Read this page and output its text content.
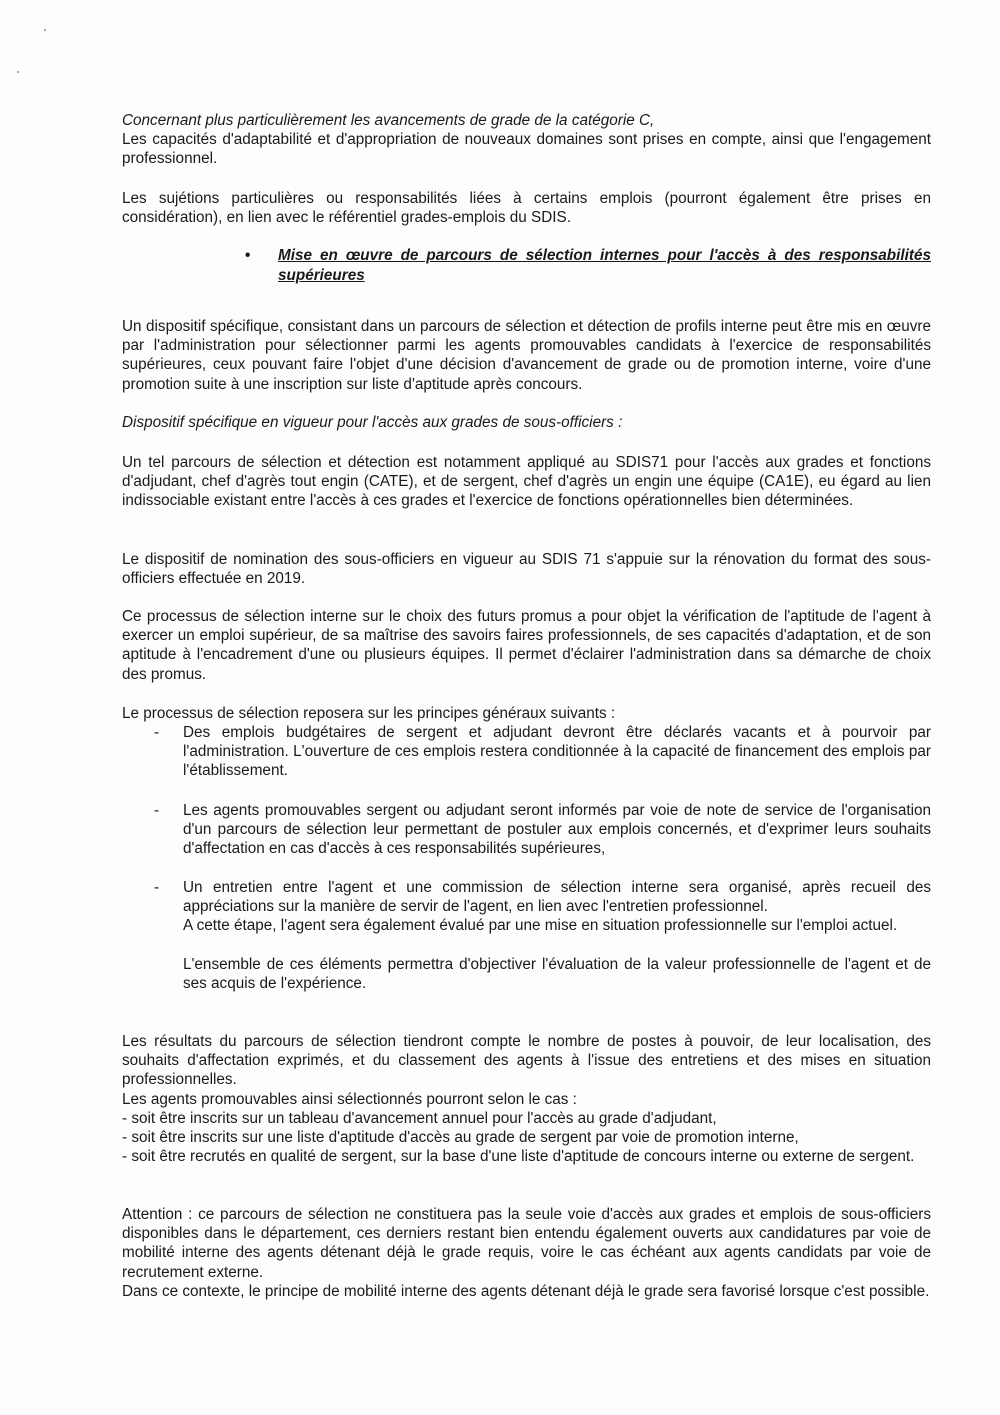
Concernant plus particulièrement les avancements de grade de la catégorie C,

Les capacités d'adaptabilité et d'appropriation de nouveaux domaines sont prises en compte, ainsi que l'engagement professionnel.

Les sujétions particulières ou responsabilités liées à certains emplois (pourront également être prises en considération), en lien avec le référentiel grades-emplois du SDIS.

• Mise en œuvre de parcours de sélection internes pour l'accès à des responsabilités supérieures

Un dispositif spécifique, consistant dans un parcours de sélection et détection de profils interne peut être mis en œuvre par l'administration pour sélectionner parmi les agents promouvables candidats à l'exercice de responsabilités supérieures, ceux pouvant faire l'objet d'une décision d'avancement de grade ou de promotion interne, voire d'une promotion suite à une inscription sur liste d'aptitude après concours.

Dispositif spécifique en vigueur pour l'accès aux grades de sous-officiers :

Un tel parcours de sélection et détection est notamment appliqué au SDIS71 pour l'accès aux grades et fonctions d'adjudant, chef d'agrès tout engin (CATE), et de sergent, chef d'agrès un engin une équipe (CA1E), eu égard au lien indissociable existant entre l'accès à ces grades et l'exercice de fonctions opérationnelles bien déterminées.

Le dispositif de nomination des sous-officiers en vigueur au SDIS 71 s'appuie sur la rénovation du format des sous-officiers effectuée en 2019.

Ce processus de sélection interne sur le choix des futurs promus a pour objet la vérification de l'aptitude de l'agent à exercer un emploi supérieur, de sa maîtrise des savoirs faires professionnels, de ses capacités d'adaptation, et de son aptitude à l'encadrement d'une ou plusieurs équipes. Il permet d'éclairer l'administration dans sa démarche de choix des promus.

Le processus de sélection reposera sur les principes généraux suivants :

- Des emplois budgétaires de sergent et adjudant devront être déclarés vacants et à pourvoir par l'administration. L'ouverture de ces emplois restera conditionnée à la capacité de financement des emplois par l'établissement.

- Les agents promouvables sergent ou adjudant seront informés par voie de note de service de l'organisation d'un parcours de sélection leur permettant de postuler aux emplois concernés, et d'exprimer leurs souhaits d'affectation en cas d'accès à ces responsabilités supérieures,

- Un entretien entre l'agent et une commission de sélection interne sera organisé, après recueil des appréciations sur la manière de servir de l'agent, en lien avec l'entretien professionnel.

A cette étape, l'agent sera également évalué par une mise en situation professionnelle sur l'emploi actuel.

L'ensemble de ces éléments permettra d'objectiver l'évaluation de la valeur professionnelle de l'agent et de ses acquis de l'expérience.

Les résultats du parcours de sélection tiendront compte le nombre de postes à pouvoir, de leur localisation, des souhaits d'affectation exprimés, et du classement des agents à l'issue des entretiens et des mises en situation professionnelles.

Les agents promouvables ainsi sélectionnés pourront selon le cas :

- soit être inscrits sur un tableau d'avancement annuel pour l'accès au grade d'adjudant,

- soit être inscrits sur une liste d'aptitude d'accès au grade de sergent par voie de promotion interne,

- soit être recrutés en qualité de sergent, sur la base d'une liste d'aptitude de concours interne ou externe de sergent.

Attention : ce parcours de sélection ne constituera pas la seule voie d'accès aux grades et emplois de sous-officiers disponibles dans le département, ces derniers restant bien entendu également ouverts aux candidatures par voie de mobilité interne des agents détenant déjà le grade requis, voire le cas échéant aux agents candidats par voie de recrutement externe.

Dans ce contexte, le principe de mobilité interne des agents détenant déjà le grade sera favorisé lorsque c'est possible.
